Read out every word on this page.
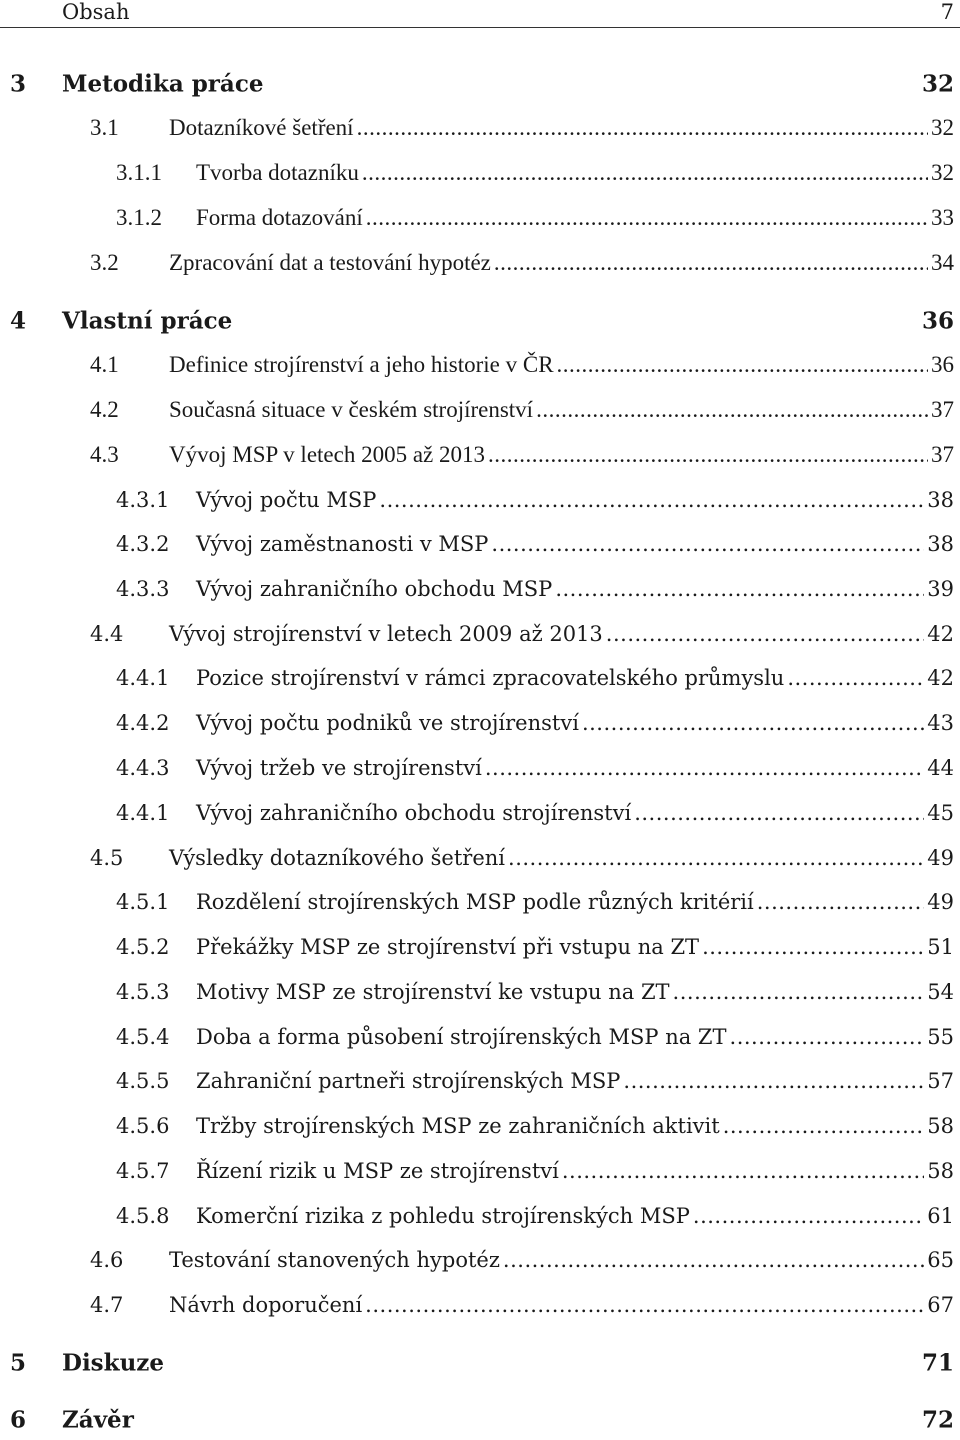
Obsah	7
3 Metodika práce	32
3.1 Dotazníkové šetření .....	32
3.1.1 Tvorba dotazníku .....	32
3.1.2 Forma dotazování .....	33
3.2 Zpracování dat a testování hypotéz .....	34
4 Vlastní práce	36
4.1 Definice strojírenství a jeho historie v ČR .....	36
4.2 Současná situace v českém strojírenství .....	37
4.3 Vývoj MSP v letech 2005 až 2013 .....	37
4.3.1 Vývoj počtu MSP .....	38
4.3.2 Vývoj zaměstnanosti v MSP .....	38
4.3.3 Vývoj zahraničního obchodu MSP .....	39
4.4 Vývoj strojírenství v letech 2009 až 2013 .....	42
4.4.1 Pozice strojírenství v rámci zpracovatelského průmyslu .....	42
4.4.2 Vývoj počtu podniků ve strojírenství .....	43
4.4.3 Vývoj tržeb ve strojírenství .....	44
4.4.1 Vývoj zahraničního obchodu strojírenství .....	45
4.5 Výsledky dotazníkového šetření .....	49
4.5.1 Rozdělení strojírenských MSP podle různých kritérií .....	49
4.5.2 Překážky MSP ze strojírenství při vstupu na ZT .....	51
4.5.3 Motivy MSP ze strojírenství ke vstupu na ZT .....	54
4.5.4 Doba a forma působení strojírenských MSP na ZT .....	55
4.5.5 Zahraniční partneři strojírenských MSP .....	57
4.5.6 Tržby strojírenských MSP ze zahraničních aktivit .....	58
4.5.7 Řízení rizik u MSP ze strojírenství .....	58
4.5.8 Komerční rizika z pohledu strojírenských MSP .....	61
4.6 Testování stanovených hypotéz .....	65
4.7 Návrh doporučení .....	67
5 Diskuze	71
6 Závěr	72
